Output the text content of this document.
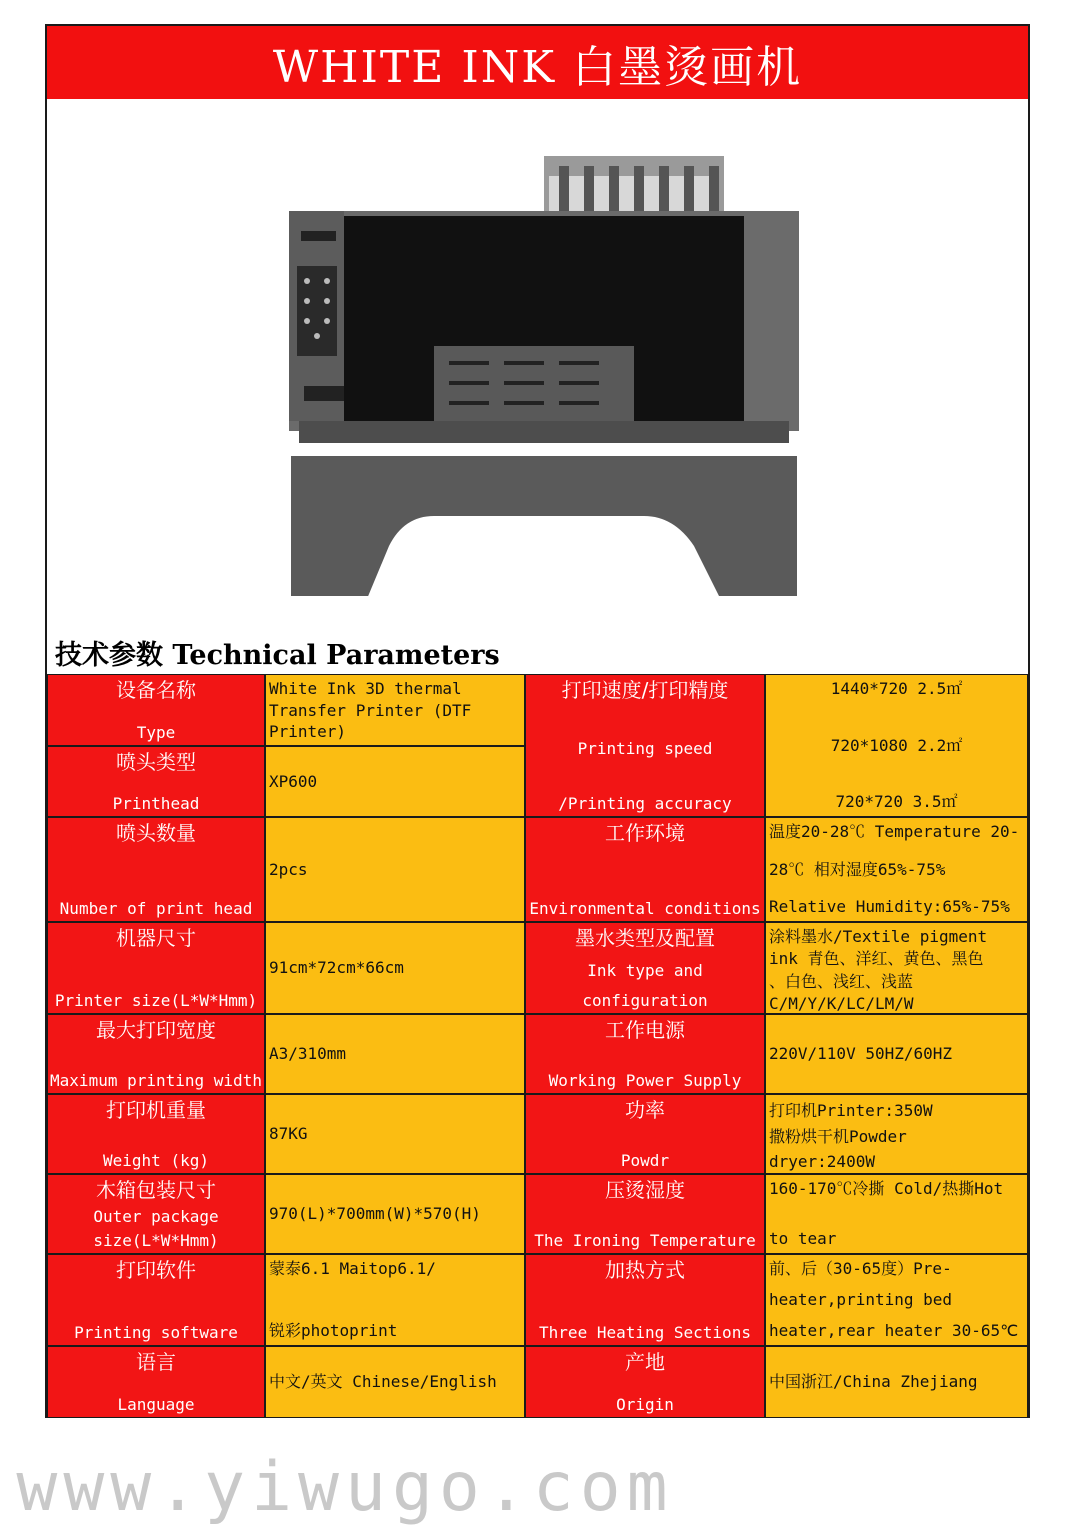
WHITE INK 白墨烫画机
技术参数 Technical Parameters
设备名称
Type
White Ink 3D thermal
Transfer Printer (DTF
Printer)
喷头类型
Printhead
XP600
喷头数量
Number of print head
2pcs
机器尺寸
Printer size(L*W*Hmm)
91cm*72cm*66cm
最大打印宽度
Maximum printing width
A3/310mm
打印机重量
Weight (kg)
87KG
木箱包装尺寸
Outer package
size(L*W*Hmm)
970(L)*700mm(W)*570(H)
打印软件
Printing software
蒙泰6.1 Maitop6.1/
锐彩photoprint
语言
Language
中文/英文 Chinese/English
打印速度/打印精度
Printing speed
/Printing accuracy
1440*720 2.5㎡
720*1080 2.2㎡
720*720 3.5㎡
工作环境
Environmental conditions
温度20-28℃ Temperature 20-
28℃ 相对湿度65%-75%
Relative Humidity:65%-75%
墨水类型及配置
Ink type and
configuration
涂料墨水/Textile pigment
ink 青色、洋红、黄色、黑色
、白色、浅红、浅蓝
C/M/Y/K/LC/LM/W
工作电源
Working Power Supply
220V/110V 50HZ/60HZ
功率
Powdr
打印机Printer:350W
撒粉烘干机Powder
dryer:2400W
压烫湿度
The Ironing Temperature
160-170℃冷撕 Cold/热撕Hot
to tear
加热方式
Three Heating Sections
前、后（30-65度）Pre-
heater,printing bed
heater,rear heater 30-65℃
产地
Origin
中国浙江/China Zhejiang
www.yiwugo.com
